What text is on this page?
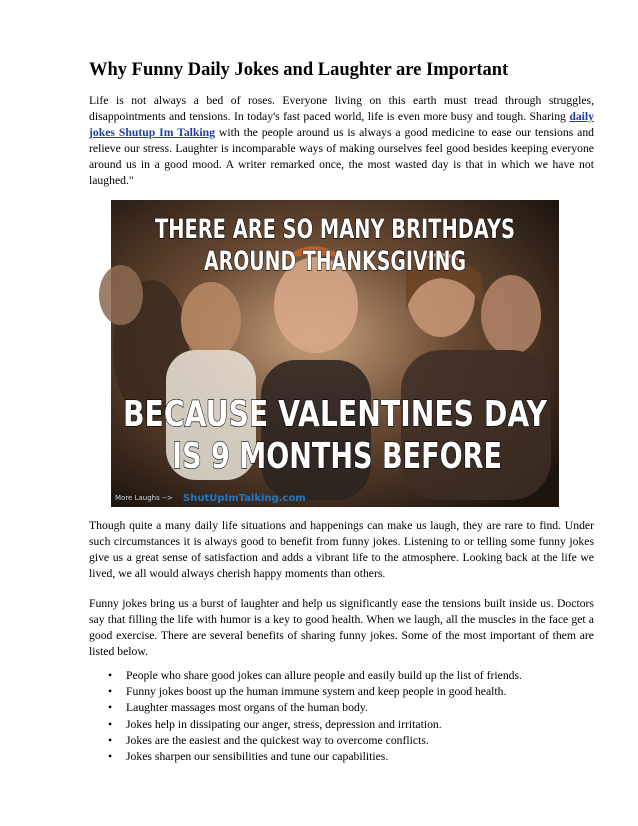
Why Funny Daily Jokes and Laughter are Important

Life is not always a bed of roses. Everyone living on this earth must tread through struggles, disappointments and tensions. In today's fast paced world, life is even more busy and tough. Sharing daily jokes Shutup Im Talking with the people around us is always a good medicine to ease our tensions and relieve our stress. Laughter is incomparable ways of making ourselves feel good besides keeping everyone around us in a good mood. A writer remarked once, the most wasted day is that in which we have not laughed."

THERE ARE SO MANY BRITHDAYS
AROUND THANKSGIVING
BECAUSE VALENTINES DAY
IS 9 MONTHS BEFORE
More Laughs --> ShutUpImTalking.com

Though quite a many daily life situations and happenings can make us laugh, they are rare to find. Under such circumstances it is always good to benefit from funny jokes. Listening to or telling some funny jokes give us a great sense of satisfaction and adds a vibrant life to the atmosphere. Looking back at the life we lived, we all would always cherish happy moments than others.

Funny jokes bring us a burst of laughter and help us significantly ease the tensions built inside us. Doctors say that filling the life with humor is a key to good health. When we laugh, all the muscles in the face get a good exercise. There are several benefits of sharing funny jokes. Some of the most important of them are listed below.

• People who share good jokes can allure people and easily build up the list of friends.
• Funny jokes boost up the human immune system and keep people in good health.
• Laughter massages most organs of the human body.
• Jokes help in dissipating our anger, stress, depression and irritation.
• Jokes are the easiest and the quickest way to overcome conflicts.
• Jokes sharpen our sensibilities and tune our capabilities.
